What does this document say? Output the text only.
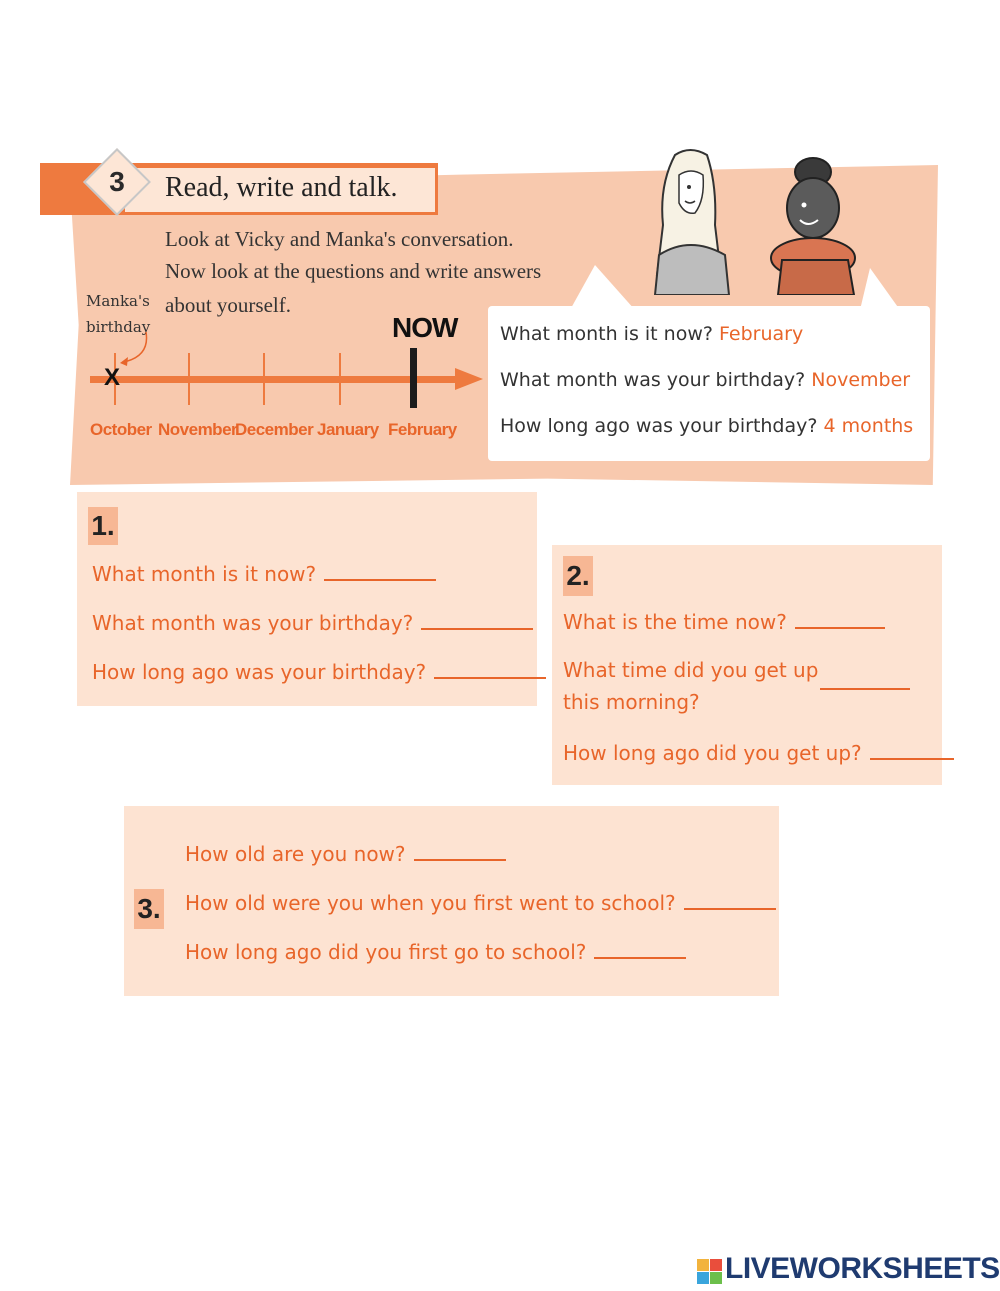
3	Read, write and talk.
Look at Vicky and Manka's conversation.
Now look at the questions and write answers
about yourself.
Manka's
birthday
X
NOW
October November
December January February
What month is it now? February
What month was your birthday? November
How long ago was your birthday? 4 months
1.
What month is it now?
What month was your birthday?
How long ago was your birthday?
2.
What is the time now?
What time did you get up
this morning?
How long ago did you get up?
3.
How old are you now?
How old were you when you first went to school?
How long ago did you first go to school?
LIVEWORKSHEETS
